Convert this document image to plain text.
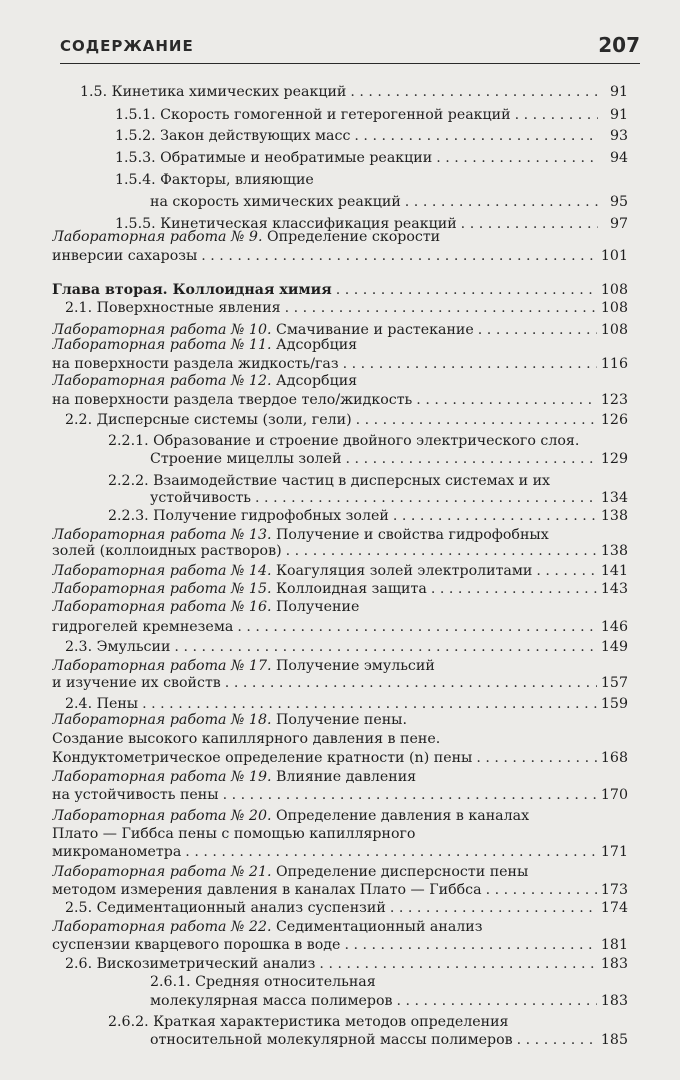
СОДЕРЖАНИЕ	207
1.5. Кинетика химических реакций . . .	91
1.5.1. Скорость гомогенной и гетерогенной реакций . . .	91
1.5.2. Закон действующих масс . . .	93
1.5.3. Обратимые и необратимые реакции . . .	94
1.5.4. Факторы, влияющие
на скорость химических реакций . . .	95
1.5.5. Кинетическая классификация реакций . . .	97
Лабораторная работа № 9. Определение скорости
инверсии сахарозы . . .	101
Глава вторая. Коллоидная химия . . .	108
2.1. Поверхностные явления . . .	108
Лабораторная работа № 10. Смачивание и растекание . . .	108
Лабораторная работа № 11. Адсорбция
на поверхности раздела жидкость/газ . . .	116
Лабораторная работа № 12. Адсорбция
на поверхности раздела твердое тело/жидкость . . .	123
2.2. Дисперсные системы (золи, гели) . . .	126
2.2.1. Образование и строение двойного электрического слоя.
Строение мицеллы золей . . .	129
2.2.2. Взаимодействие частиц в дисперсных системах и их
устойчивость . . .	134
2.2.3. Получение гидрофобных золей . . .	138
Лабораторная работа № 13. Получение и свойства гидрофобных
золей (коллоидных растворов) . . .	138
Лабораторная работа № 14. Коагуляция золей электролитами . . .	141
Лабораторная работа № 15. Коллоидная защита . . .	143
Лабораторная работа № 16. Получение
гидрогелей кремнезема . . .	146
2.3. Эмульсии . . .	149
Лабораторная работа № 17. Получение эмульсий
и изучение их свойств . . .	157
2.4. Пены . . .	159
Лабораторная работа № 18. Получение пены.
Создание высокого капиллярного давления в пене.
Кондуктометрическое определение кратности (n) пены . . .	168
Лабораторная работа № 19. Влияние давления
на устойчивость пены . . .	170
Лабораторная работа № 20. Определение давления в каналах
Плато — Гиббса пены с помощью капиллярного
микроманометра . . .	171
Лабораторная работа № 21. Определение дисперсности пены
методом измерения давления в каналах Плато — Гиббса . . .	173
2.5. Седиментационный анализ суспензий . . .	174
Лабораторная работа № 22. Седиментационный анализ
суспензии кварцевого порошка в воде . . .	181
2.6. Вискозиметрический анализ . . .	183
2.6.1. Средняя относительная
молекулярная масса полимеров . . .	183
2.6.2. Краткая характеристика методов определения
относительной молекулярной массы полимеров . . .	185
